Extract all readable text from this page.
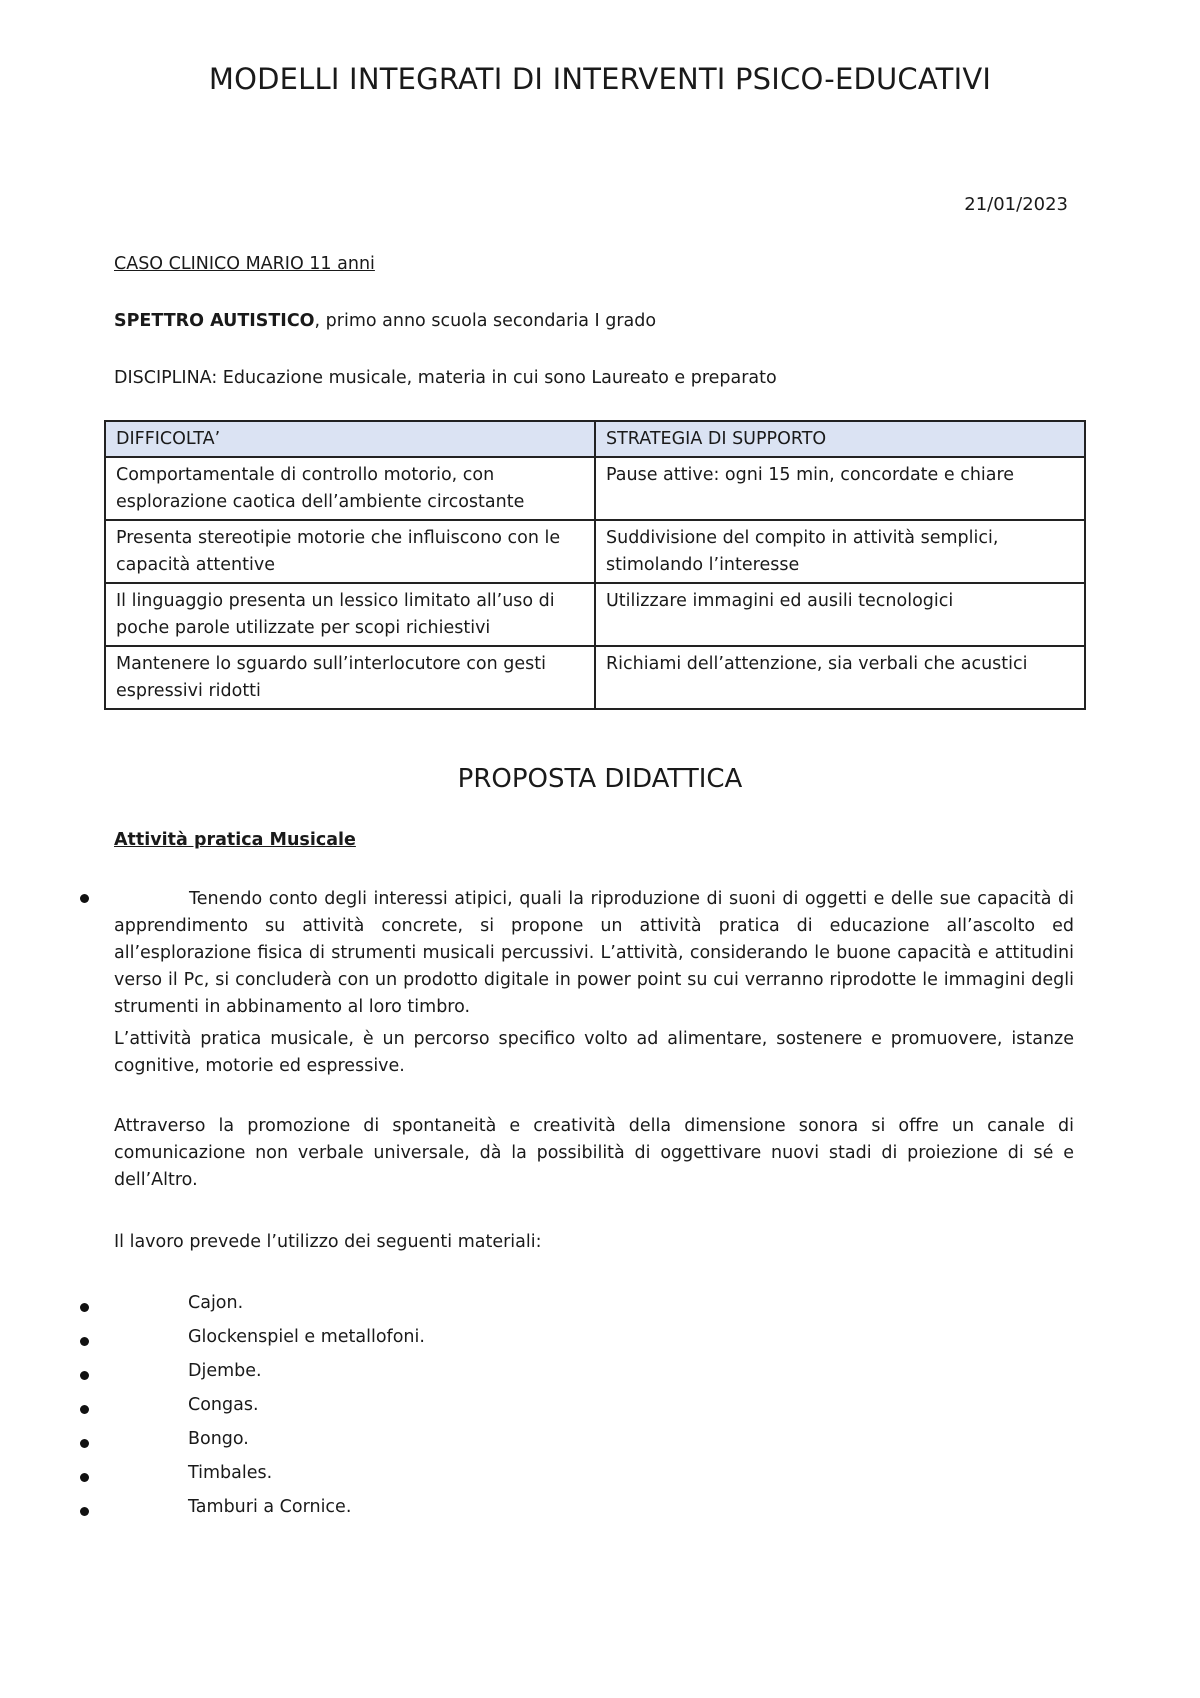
MODELLI INTEGRATI DI INTERVENTI PSICO-EDUCATIVI
21/01/2023
CASO CLINICO MARIO 11 anni
SPETTRO AUTISTICO, primo anno scuola secondaria I grado
DISCIPLINA: Educazione musicale, materia in cui sono Laureato e preparato
DIFFICOLTA’	STRATEGIA DI SUPPORTO
Comportamentale di controllo motorio, con esplorazione caotica dell’ambiente circostante	Pause attive: ogni 15 min, concordate e chiare
Presenta stereotipie motorie che influiscono con le capacità attentive	Suddivisione del compito in attività semplici, stimolando l’interesse
Il linguaggio presenta un lessico limitato all’uso di poche parole utilizzate per scopi richiestivi	Utilizzare immagini ed ausili tecnologici
Mantenere lo sguardo sull’interlocutore con gesti espressivi ridotti	Richiami dell’attenzione, sia verbali che acustici
PROPOSTA DIDATTICA
Attività pratica Musicale
Tenendo conto degli interessi atipici, quali la riproduzione di suoni di oggetti e delle sue capacità di apprendimento su attività concrete, si propone un attività pratica di educazione all’ascolto ed all’esplorazione fisica di strumenti musicali percussivi. L’attività, considerando le buone capacità e attitudini verso il Pc, si concluderà con un prodotto digitale in power point su cui verranno riprodotte le immagini degli strumenti in abbinamento al loro timbro.
L’attività pratica musicale, è un percorso specifico volto ad alimentare, sostenere e promuovere, istanze cognitive, motorie ed espressive.
Attraverso la promozione di spontaneità e creatività della dimensione sonora si offre un canale di comunicazione non verbale universale, dà la possibilità di oggettivare nuovi stadi di proiezione di sé e dell’Altro.
Il lavoro prevede l’utilizzo dei seguenti materiali:
Cajon.
Glockenspiel e metallofoni.
Djembe.
Congas.
Bongo.
Timbales.
Tamburi a Cornice.
